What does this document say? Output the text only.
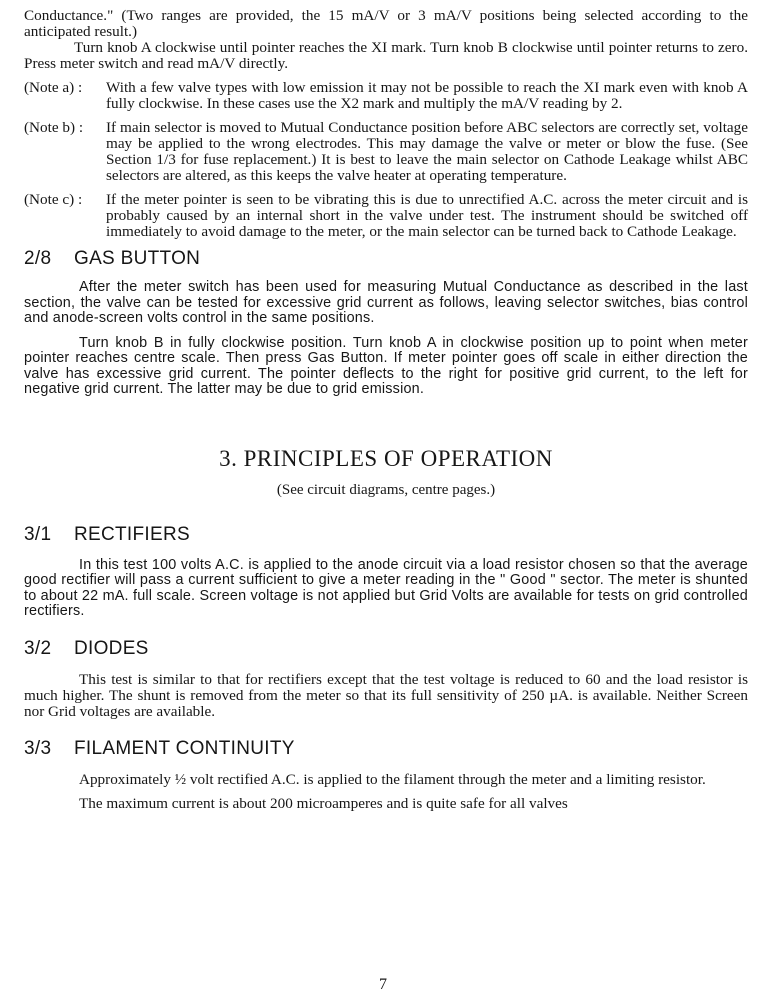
Conductance." (Two ranges are provided, the 15 mA/V or 3 mA/V positions being selected according to the anticipated result.)

Turn knob A clockwise until pointer reaches the XI mark. Turn knob B clockwise until pointer returns to zero. Press meter switch and read mA/V directly.

(Note a) :	With a few valve types with low emission it may not be possible to reach the XI mark even with knob A fully clockwise. In these cases use the X2 mark and multiply the mA/V reading by 2.

(Note b) :	If main selector is moved to Mutual Conductance position before ABC selectors are correctly set, voltage may be applied to the wrong electrodes. This may damage the valve or meter or blow the fuse. (See Section 1/3 for fuse replacement.) It is best to leave the main selector on Cathode Leakage whilst ABC selectors are altered, as this keeps the valve heater at operating temperature.

(Note c) :	If the meter pointer is seen to be vibrating this is due to unrectified A.C. across the meter circuit and is probably caused by an internal short in the valve under test. The instrument should be switched off immediately to avoid damage to the meter, or the main selector can be turned back to Cathode Leakage.

2/8 GAS BUTTON

After the meter switch has been used for measuring Mutual Conductance as described in the last section, the valve can be tested for excessive grid current as follows, leaving selector switches, bias control and anode-screen volts control in the same positions.

Turn knob B in fully clockwise position. Turn knob A in clockwise position up to point when meter pointer reaches centre scale. Then press Gas Button. If meter pointer goes off scale in either direction the valve has excessive grid current. The pointer deflects to the right for positive grid current, to the left for negative grid current. The latter may be due to grid emission.

3. PRINCIPLES OF OPERATION

(See circuit diagrams, centre pages.)

3/1 RECTIFIERS

In this test 100 volts A.C. is applied to the anode circuit via a load resistor chosen so that the average good rectifier will pass a current sufficient to give a meter reading in the " Good " sector. The meter is shunted to about 22 mA. full scale. Screen voltage is not applied but Grid Volts are available for tests on grid controlled rectifiers.

3/2 DIODES

This test is similar to that for rectifiers except that the test voltage is reduced to 60 and the load resistor is much higher. The shunt is removed from the meter so that its full sensitivity of 250 µA. is available. Neither Screen nor Grid voltages are available.

3/3 FILAMENT CONTINUITY

Approximately ½ volt rectified A.C. is applied to the filament through the meter and a limiting resistor.

The maximum current is about 200 microamperes and is quite safe for all valves

7
